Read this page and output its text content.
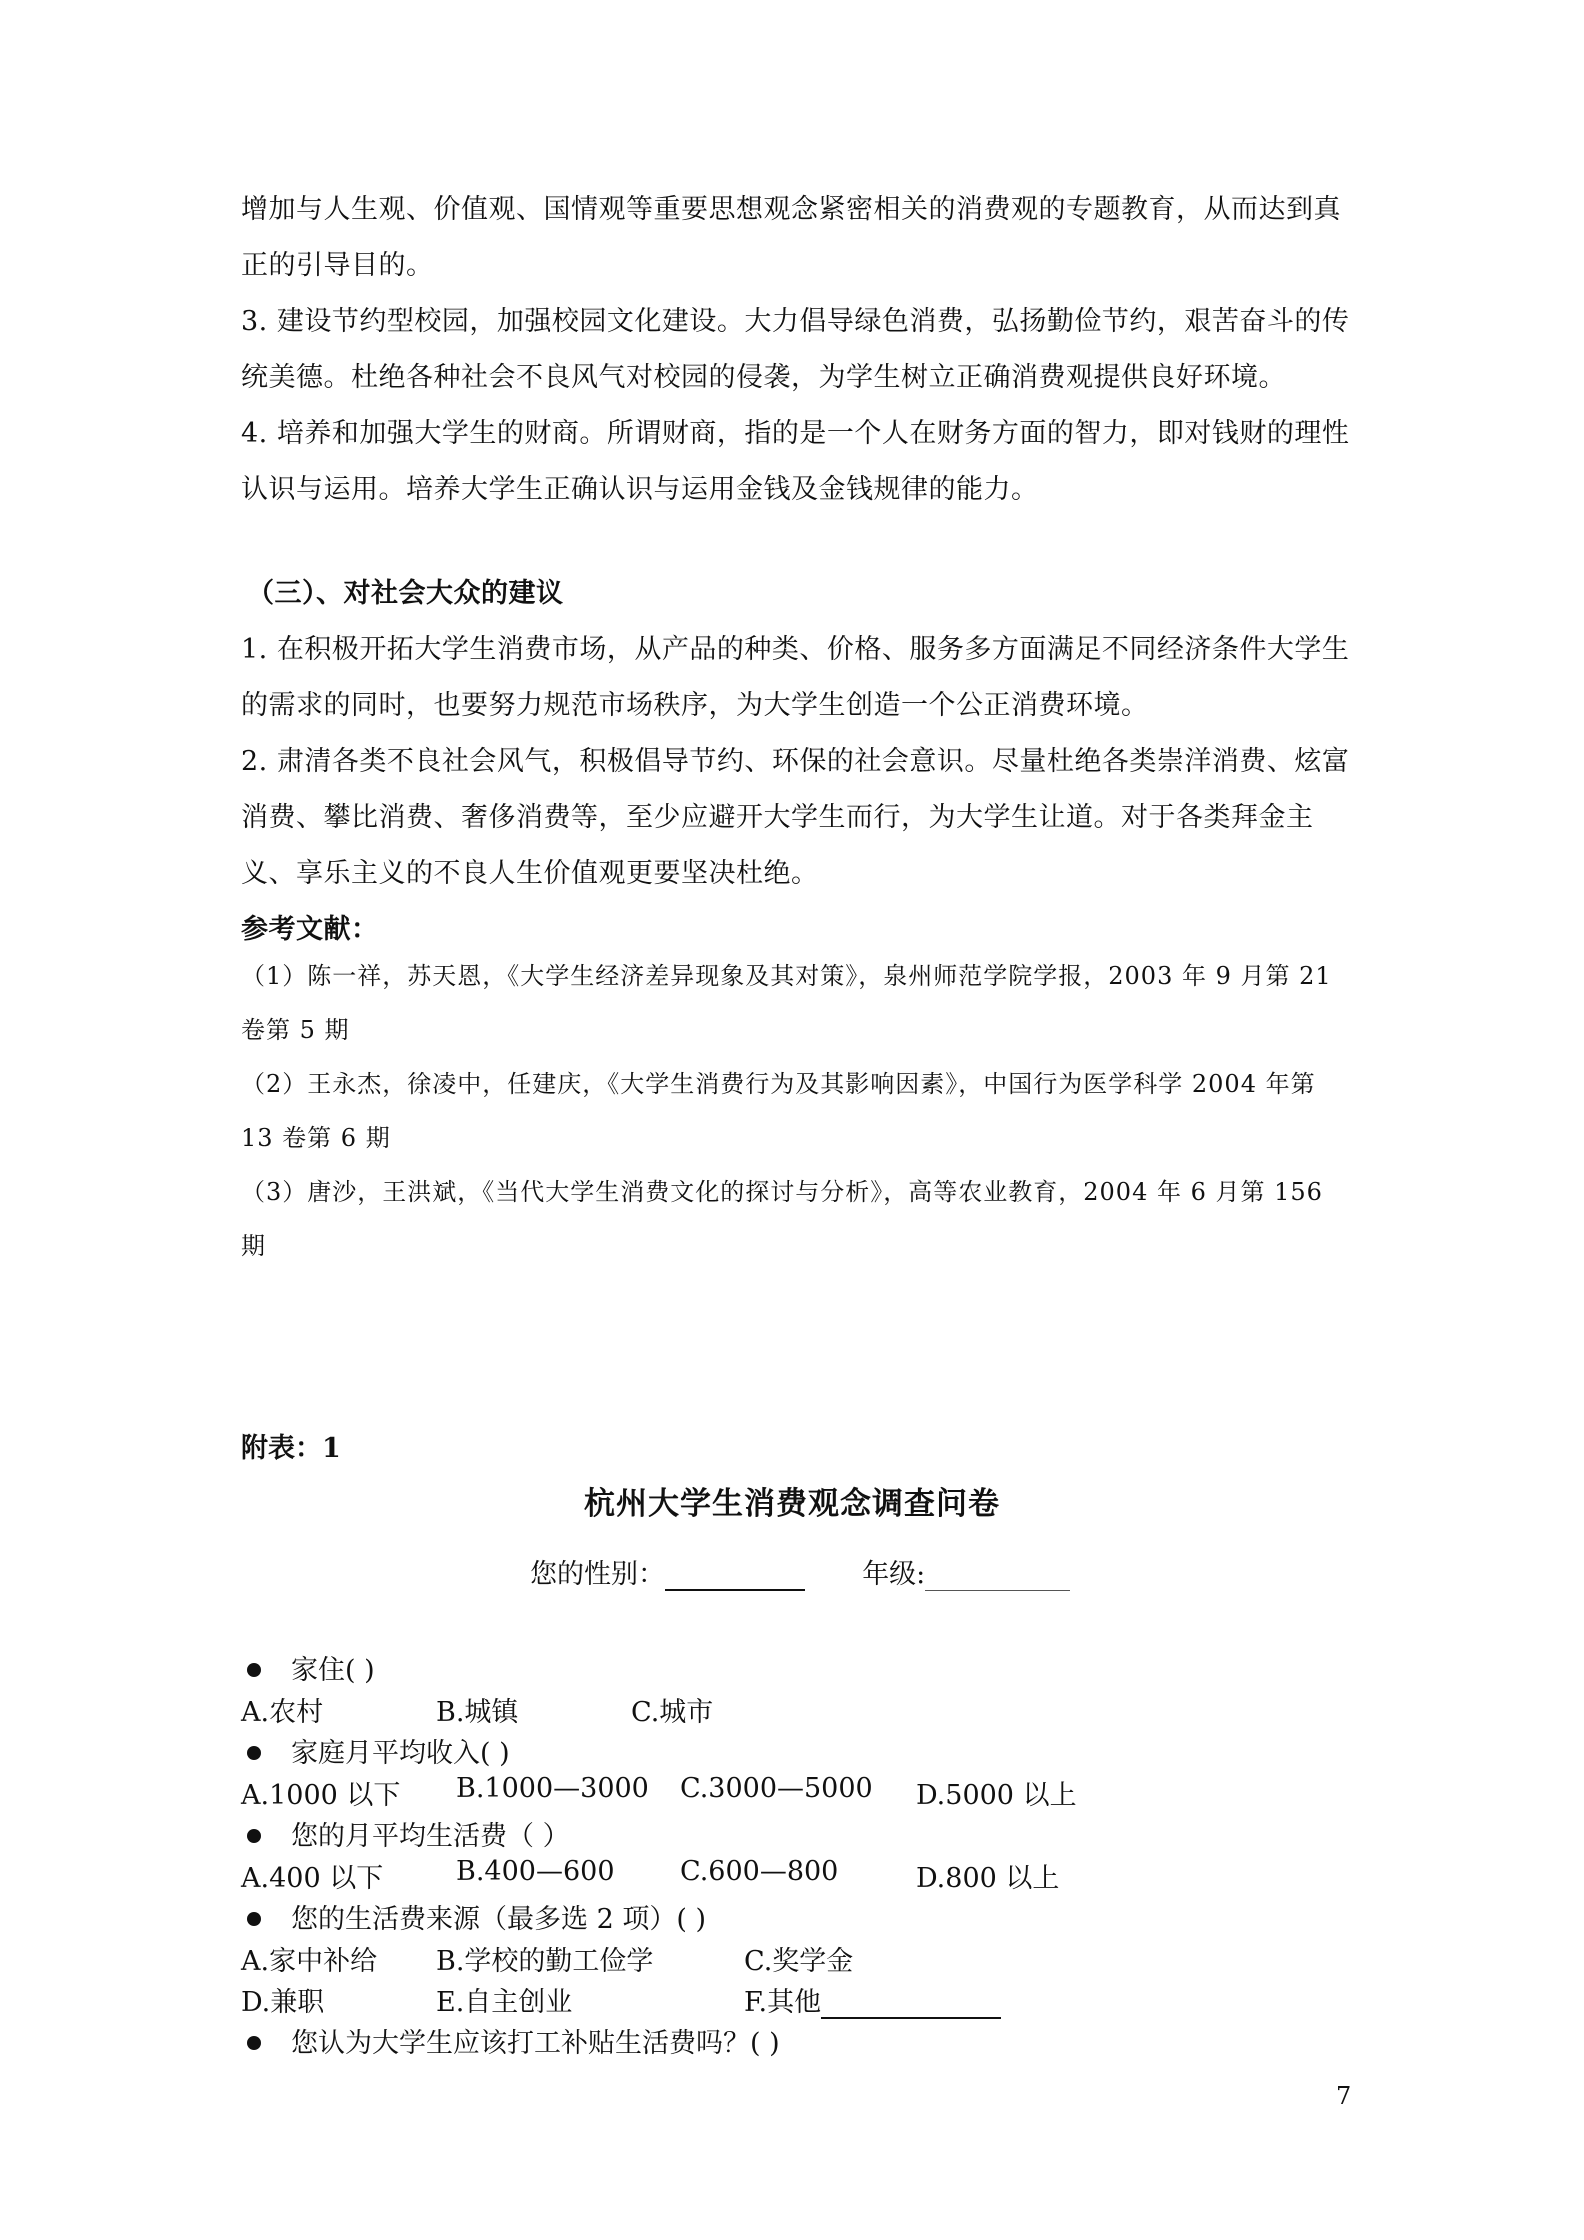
增加与人生观、价值观、国情观等重要思想观念紧密相关的消费观的专题教育，从而达到真正的引导目的。

3. 建设节约型校园，加强校园文化建设。大力倡导绿色消费，弘扬勤俭节约，艰苦奋斗的传统美德。杜绝各种社会不良风气对校园的侵袭，为学生树立正确消费观提供良好环境。

4. 培养和加强大学生的财商。所谓财商，指的是一个人在财务方面的智力，即对钱财的理性认识与运用。培养大学生正确认识与运用金钱及金钱规律的能力。

（三）、对社会大众的建议

1. 在积极开拓大学生消费市场，从产品的种类、价格、服务多方面满足不同经济条件大学生的需求的同时，也要努力规范市场秩序，为大学生创造一个公正消费环境。

2. 肃清各类不良社会风气，积极倡导节约、环保的社会意识。尽量杜绝各类崇洋消费、炫富消费、攀比消费、奢侈消费等，至少应避开大学生而行，为大学生让道。对于各类拜金主义、享乐主义的不良人生价值观更要坚决杜绝。

参考文献：

（1）陈一祥，苏天恩，《大学生经济差异现象及其对策》，泉州师范学院学报，2003 年 9 月第 21 卷第 5 期

（2）王永杰，徐凌中，任建庆，《大学生消费行为及其影响因素》，中国行为医学科学 2004 年第 13 卷第 6 期

（3）唐沙，王洪斌，《当代大学生消费文化的探讨与分析》，高等农业教育，2004 年 6 月第 156 期

附表：1
杭州大学生消费观念调查问卷
您的性别：	年级:
家住( )
A.农村	B.城镇	C.城市
家庭月平均收入( )
A.1000 以下 B.1000—3000 C.3000—5000 D.5000 以上
您的月平均生活费（ ）
A.400 以下	B.400—600 C.600—800	D.800 以上
您的生活费来源（最多选 2 项）( )
A.家中补给 B.学校的勤工俭学	C.奖学金
D.兼职	E.自主创业	F.其他
您认为大学生应该打工补贴生活费吗？( )
7
